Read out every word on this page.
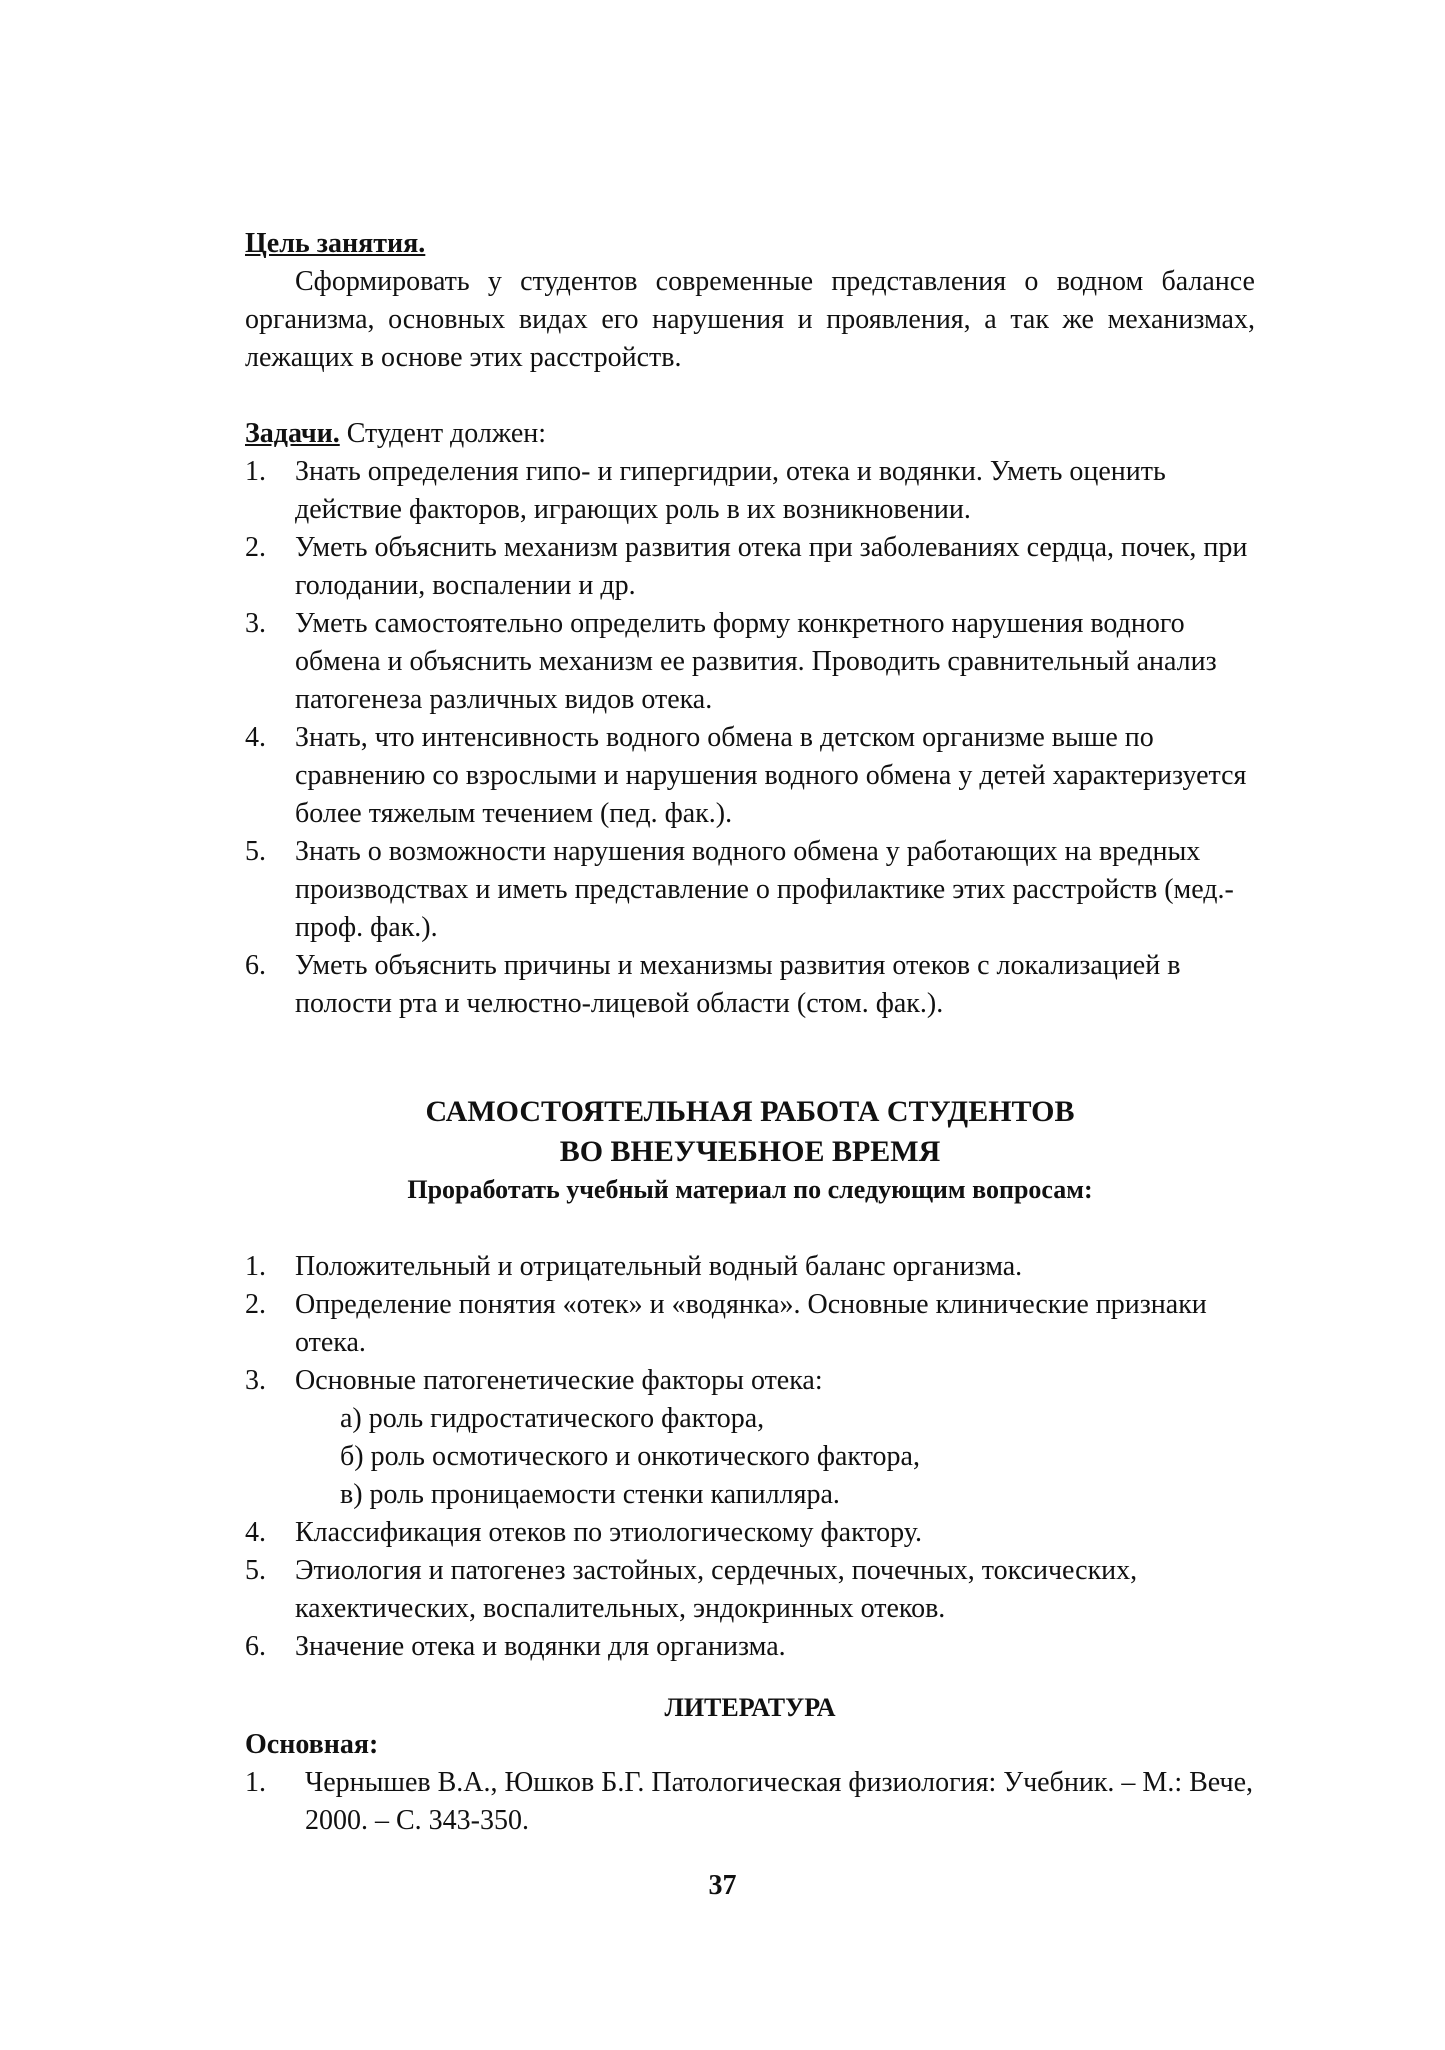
Цель занятия.
Сформировать у студентов современные представления о водном балансе организма, основных видах его нарушения и проявления, а так же механизмах, лежащих в основе этих расстройств.
Задачи. Студент должен:
1.	Знать определения гипо- и гипергидрии, отека и водянки. Уметь оценить действие факторов, играющих роль в их возникновении.
2.	Уметь объяснить механизм развития отека при заболеваниях сердца, почек, при голодании, воспалении и др.
3.	Уметь самостоятельно определить форму конкретного нарушения водного обмена и объяснить механизм ее развития. Проводить сравнительный анализ патогенеза различных видов отека.
4.	Знать, что интенсивность водного обмена в детском организме выше по сравнению со взрослыми и нарушения водного обмена у детей характеризуется более тяжелым течением (пед. фак.).
5.	Знать о возможности нарушения водного обмена у работающих на вредных производствах и иметь представление о профилактике этих расстройств (мед.-проф. фак.).
6.	Уметь объяснить причины и механизмы развития отеков с локализацией в полости рта и челюстно-лицевой области (стом. фак.).
САМОСТОЯТЕЛЬНАЯ РАБОТА СТУДЕНТОВ
ВО ВНЕУЧЕБНОЕ ВРЕМЯ
Проработать учебный материал по следующим вопросам:
1.	Положительный и отрицательный водный баланс организма.
2.	Определение понятия «отек» и «водянка». Основные клинические признаки отека.
3.	Основные патогенетические факторы отека:
а) роль гидростатического фактора,
б) роль осмотического и онкотического фактора,
в) роль проницаемости стенки капилляра.
4.	Классификация отеков по этиологическому фактору.
5.	Этиология и патогенез застойных, сердечных, почечных, токсических, кахектических, воспалительных, эндокринных отеков.
6.	Значение отека и водянки для организма.
ЛИТЕРАТУРА
Основная:
1.	Чернышев В.А., Юшков Б.Г. Патологическая физиология: Учебник. – М.: Вече, 2000. – С. 343-350.
37
